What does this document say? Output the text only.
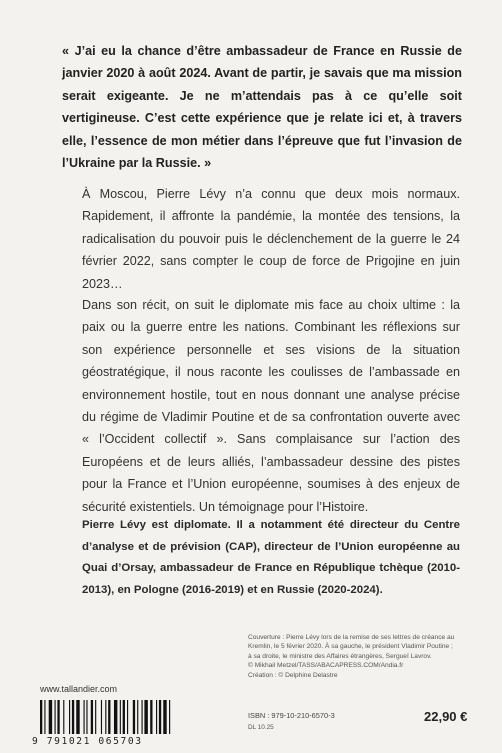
« J’ai eu la chance d’être ambassadeur de France en Russie de janvier 2020 à août 2024. Avant de partir, je savais que ma mission serait exigeante. Je ne m’attendais pas à ce qu’elle soit vertigineuse. C’est cette expérience que je relate ici et, à travers elle, l’essence de mon métier dans l’épreuve que fut l’invasion de l’Ukraine par la Russie. »
À Moscou, Pierre Lévy n’a connu que deux mois normaux. Rapidement, il affronte la pandémie, la montée des tensions, la radicalisation du pouvoir puis le déclenchement de la guerre le 24 février 2022, sans compter le coup de force de Prigojine en juin 2023…
Dans son récit, on suit le diplomate mis face au choix ultime : la paix ou la guerre entre les nations. Combinant les réflexions sur son expérience personnelle et ses visions de la situation géostratégique, il nous raconte les coulisses de l’ambassade en environnement hostile, tout en nous donnant une analyse précise du régime de Vladimir Poutine et de sa confrontation ouverte avec « l’Occident collectif ». Sans complaisance sur l’action des Européens et de leurs alliés, l’ambassadeur dessine des pistes pour la France et l’Union européenne, soumises à des enjeux de sécurité existentiels. Un témoignage pour l’Histoire.
Pierre Lévy est diplomate. Il a notamment été directeur du Centre d’analyse et de prévision (CAP), directeur de l’Union européenne au Quai d’Orsay, ambassadeur de France en République tchèque (2010-2013), en Pologne (2016-2019) et en Russie (2020-2024).
Couverture : Pierre Lévy lors de la remise de ses lettres de créance au
Kremlin, le 5 février 2020. À sa gauche, le président Vladimir Poutine ;
à sa droite, le ministre des Affaires étrangères, Sergueï Lavrov.
© Mikhail Metzel/TASS/ABACAPRESS.COM/Andia.fr
Création : © Delphine Delastre
www.tallandier.com
9 791021 065703
ISBN : 979-10-210-6570-3
DL 10.25
22,90 €
